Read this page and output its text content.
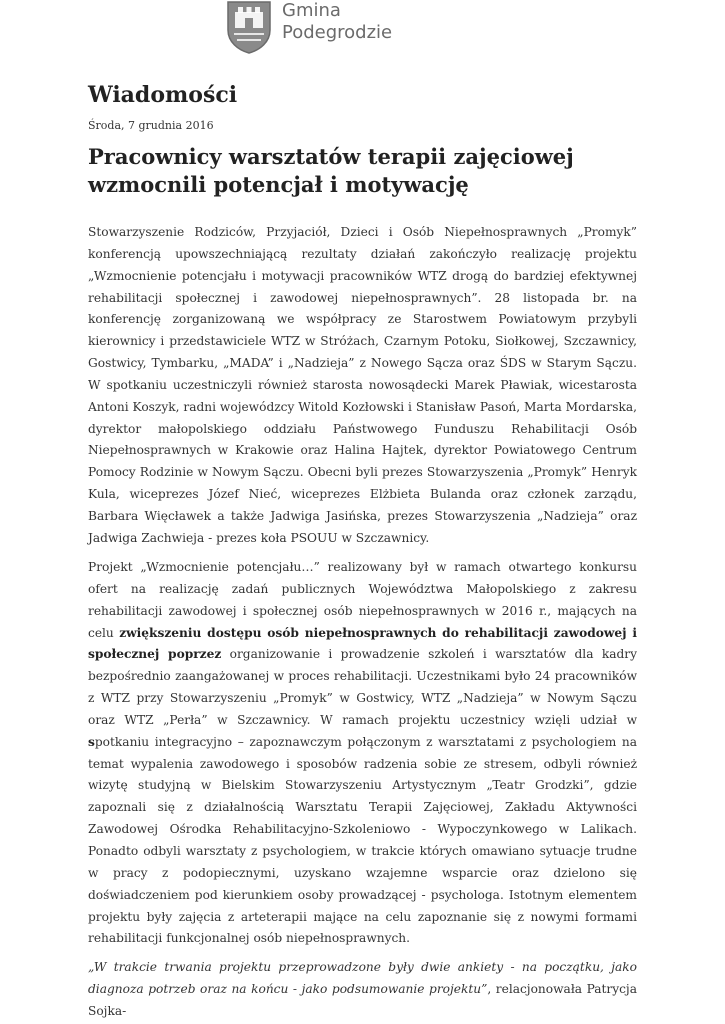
Gmina
Podegrodzie
Wiadomości
Środa, 7 grudnia 2016
Pracownicy warsztatów terapii zajęciowej wzmocnili potencjał i motywację

Stowarzyszenie Rodziców, Przyjaciół, Dzieci i Osób Niepełnosprawnych „Promyk” konferencją upowszechniającą rezultaty działań zakończyło realizację projektu „Wzmocnienie potencjału i motywacji pracowników WTZ drogą do bardziej efektywnej rehabilitacji społecznej i zawodowej niepełnosprawnych”. 28 listopada br. na konferencję zorganizowaną we współpracy ze Starostwem Powiatowym przybyli kierownicy i przedstawiciele WTZ w Stróżach, Czarnym Potoku, Siołkowej, Szczawnicy, Gostwicy, Tymbarku, „MADA” i „Nadzieja” z Nowego Sącza oraz ŚDS w Starym Sączu. W spotkaniu uczestniczyli również starosta nowosądecki Marek Pławiak, wicestarosta Antoni Koszyk, radni wojewódzcy Witold Kozłowski i Stanisław Pasoń, Marta Mordarska, dyrektor małopolskiego oddziału Państwowego Funduszu Rehabilitacji Osób Niepełnosprawnych w Krakowie oraz Halina Hajtek, dyrektor Powiatowego Centrum Pomocy Rodzinie w Nowym Sączu. Obecni byli prezes Stowarzyszenia „Promyk” Henryk Kula, wiceprezes Józef Nieć, wiceprezes Elżbieta Bulanda oraz członek zarządu, Barbara Więcławek a także Jadwiga Jasińska, prezes Stowarzyszenia „Nadzieja” oraz Jadwiga Zachwieja - prezes koła PSOUU w Szczawnicy.

Projekt „Wzmocnienie potencjału…” realizowany był w ramach otwartego konkursu ofert na realizację zadań publicznych Województwa Małopolskiego z zakresu rehabilitacji zawodowej i społecznej osób niepełnosprawnych w 2016 r., mających na celu zwiększeniu dostępu osób niepełnosprawnych do rehabilitacji zawodowej i społecznej poprzez organizowanie i prowadzenie szkoleń i warsztatów dla kadry bezpośrednio zaangażowanej w proces rehabilitacji. Uczestnikami było 24 pracowników z WTZ przy Stowarzyszeniu „Promyk” w Gostwicy, WTZ „Nadzieja” w Nowym Sączu oraz WTZ „Perła” w Szczawnicy. W ramach projektu uczestnicy wzięli udział w spotkaniu integracyjno – zapoznawczym połączonym z warsztatami z psychologiem na temat wypalenia zawodowego i sposobów radzenia sobie ze stresem, odbyli również wizytę studyjną w Bielskim Stowarzyszeniu Artystycznym „Teatr Grodzki”, gdzie zapoznali się z działalnością Warsztatu Terapii Zajęciowej, Zakładu Aktywności Zawodowej Ośrodka Rehabilitacyjno-Szkoleniowo - Wypoczynkowego w Lalikach. Ponadto odbyli warsztaty z psychologiem, w trakcie których omawiano sytuacje trudne w pracy z podopiecznymi, uzyskano wzajemne wsparcie oraz dzielono się doświadczeniem pod kierunkiem osoby prowadzącej - psychologa. Istotnym elementem projektu były zajęcia z arteterapii mające na celu zapoznanie się z nowymi formami rehabilitacji funkcjonalnej osób niepełnosprawnych.

„W trakcie trwania projektu przeprowadzone były dwie ankiety - na początku, jako diagnoza potrzeb oraz na końcu - jako podsumowanie projektu”, relacjonowała Patrycja Sojka-
